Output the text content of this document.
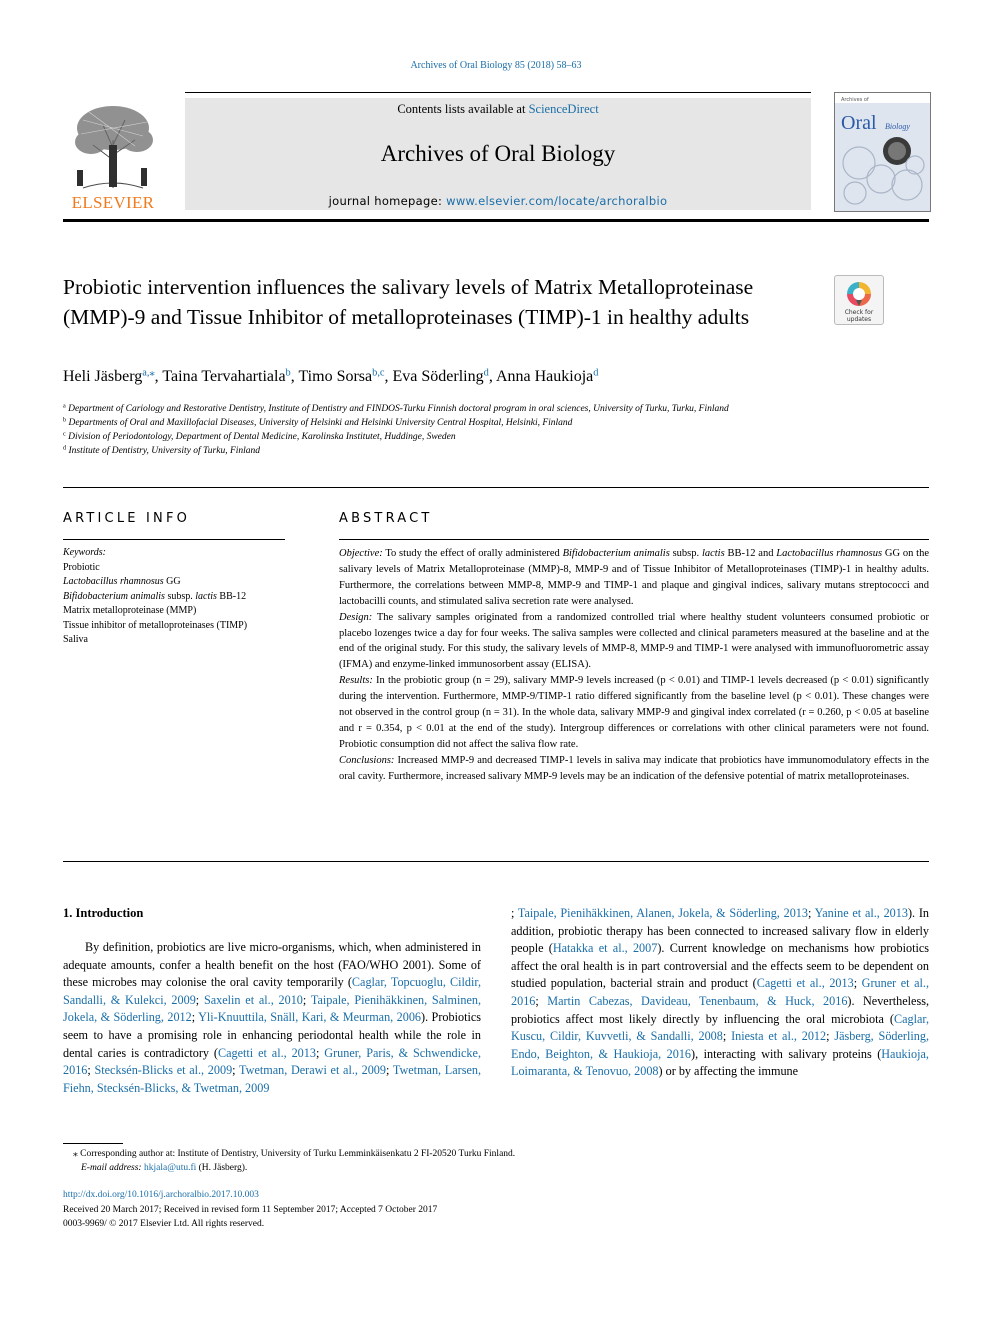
Archives of Oral Biology 85 (2018) 58–63
ELSEVIER
Contents lists available at ScienceDirect
Archives of Oral Biology
journal homepage: www.elsevier.com/locate/archoralbio
Archives of
Oral Biology
Probiotic intervention influences the salivary levels of Matrix Metalloproteinase (MMP)-9 and Tissue Inhibitor of metalloproteinases (TIMP)-1 in healthy adults	Check for
updates
Heli Jäsberg$^{a,⁎}$, Taina Tervahartiala$^b$, Timo Sorsa$^{b,c}$, Eva Söderling$^d$, Anna Haukioja$^d$

$^a$ Department of Cariology and Restorative Dentistry, Institute of Dentistry and FINDOS-Turku Finnish doctoral program in oral sciences, University of Turku, Turku, Finland

$^b$ Departments of Oral and Maxillofacial Diseases, University of Helsinki and Helsinki University Central Hospital, Helsinki, Finland

$^c$ Division of Periodontology, Department of Dental Medicine, Karolinska Institutet, Huddinge, Sweden

$^d$ Institute of Dentistry, University of Turku, Finland

ARTICLE INFO	ABSTRACT
Keywords:
Probiotic
Lactobacillus rhamnosus GG
Bifidobacterium animalis subsp. lactis BB-12
Matrix metalloproteinase (MMP)
Tissue inhibitor of metalloproteinases (TIMP)
Saliva

Objective: To study the effect of orally administered Bifidobacterium animalis subsp. lactis BB-12 and Lactobacillus rhamnosus GG on the salivary levels of Matrix Metalloproteinase (MMP)-8, MMP-9 and of Tissue Inhibitor of Metalloproteinases (TIMP)-1 in healthy adults. Furthermore, the correlations between MMP-8, MMP-9 and TIMP-1 and plaque and gingival indices, salivary mutans streptococci and lactobacilli counts, and stimulated saliva secretion rate were analysed.

Design: The salivary samples originated from a randomized controlled trial where healthy student volunteers consumed probiotic or placebo lozenges twice a day for four weeks. The saliva samples were collected and clinical parameters measured at the baseline and at the end of the original study. For this study, the salivary levels of MMP-8, MMP-9 and TIMP-1 were analysed with immunofluorometric assay (IFMA) and enzyme-linked immunosorbent assay (ELISA).

Results: In the probiotic group (n = 29), salivary MMP-9 levels increased (p < 0.01) and TIMP-1 levels decreased (p < 0.01) significantly during the intervention. Furthermore, MMP-9/TIMP-1 ratio differed significantly from the baseline level (p < 0.01). These changes were not observed in the control group (n = 31). In the whole data, salivary MMP-9 and gingival index correlated (r = 0.260, p < 0.05 at baseline and r = 0.354, p < 0.01 at the end of the study). Intergroup differences or correlations with other clinical parameters were not found. Probiotic consumption did not affect the saliva flow rate.

Conclusions: Increased MMP-9 and decreased TIMP-1 levels in saliva may indicate that probiotics have immunomodulatory effects in the oral cavity. Furthermore, increased salivary MMP-9 levels may be an indication of the defensive potential of matrix metalloproteinases.

1. Introduction

By definition, probiotics are live micro-organisms, which, when administered in adequate amounts, confer a health benefit on the host (FAO/WHO 2001). Some of these microbes may colonise the oral cavity temporarily (Caglar, Topcuoglu, Cildir, Sandalli, & Kulekci, 2009; Saxelin et al., 2010; Taipale, Pienihäkkinen, Salminen, Jokela, & Söderling, 2012; Yli-Knuuttila, Snäll, Kari, & Meurman, 2006). Probiotics seem to have a promising role in enhancing periodontal health while the role in dental caries is contradictory (Cagetti et al., 2013; Gruner, Paris, & Schwendicke, 2016; Stecksén-Blicks et al., 2009; Twetman, Derawi et al., 2009; Twetman, Larsen, Fiehn, Stecksén-Blicks, & Twetman, 2009

; Taipale, Pienihäkkinen, Alanen, Jokela, & Söderling, 2013; Yanine et al., 2013). In addition, probiotic therapy has been connected to increased salivary flow in elderly people (Hatakka et al., 2007). Current knowledge on mechanisms how probiotics affect the oral health is in part controversial and the effects seem to be dependent on studied population, bacterial strain and product (Cagetti et al., 2013; Gruner et al., 2016; Martin Cabezas, Davideau, Tenenbaum, & Huck, 2016). Nevertheless, probiotics affect most likely directly by influencing the oral microbiota (Caglar, Kuscu, Cildir, Kuvvetli, & Sandalli, 2008; Iniesta et al., 2012; Jäsberg, Söderling, Endo, Beighton, & Haukioja, 2016), interacting with salivary proteins (Haukioja, Loimaranta, & Tenovuo, 2008) or by affecting the immune

⁎ Corresponding author at: Institute of Dentistry, University of Turku Lemminkäisenkatu 2 FI-20520 Turku Finland.

E-mail address: hkjala@utu.fi (H. Jäsberg).

http://dx.doi.org/10.1016/j.archoralbio.2017.10.003

Received 20 March 2017; Received in revised form 11 September 2017; Accepted 7 October 2017

0003-9969/ © 2017 Elsevier Ltd. All rights reserved.
